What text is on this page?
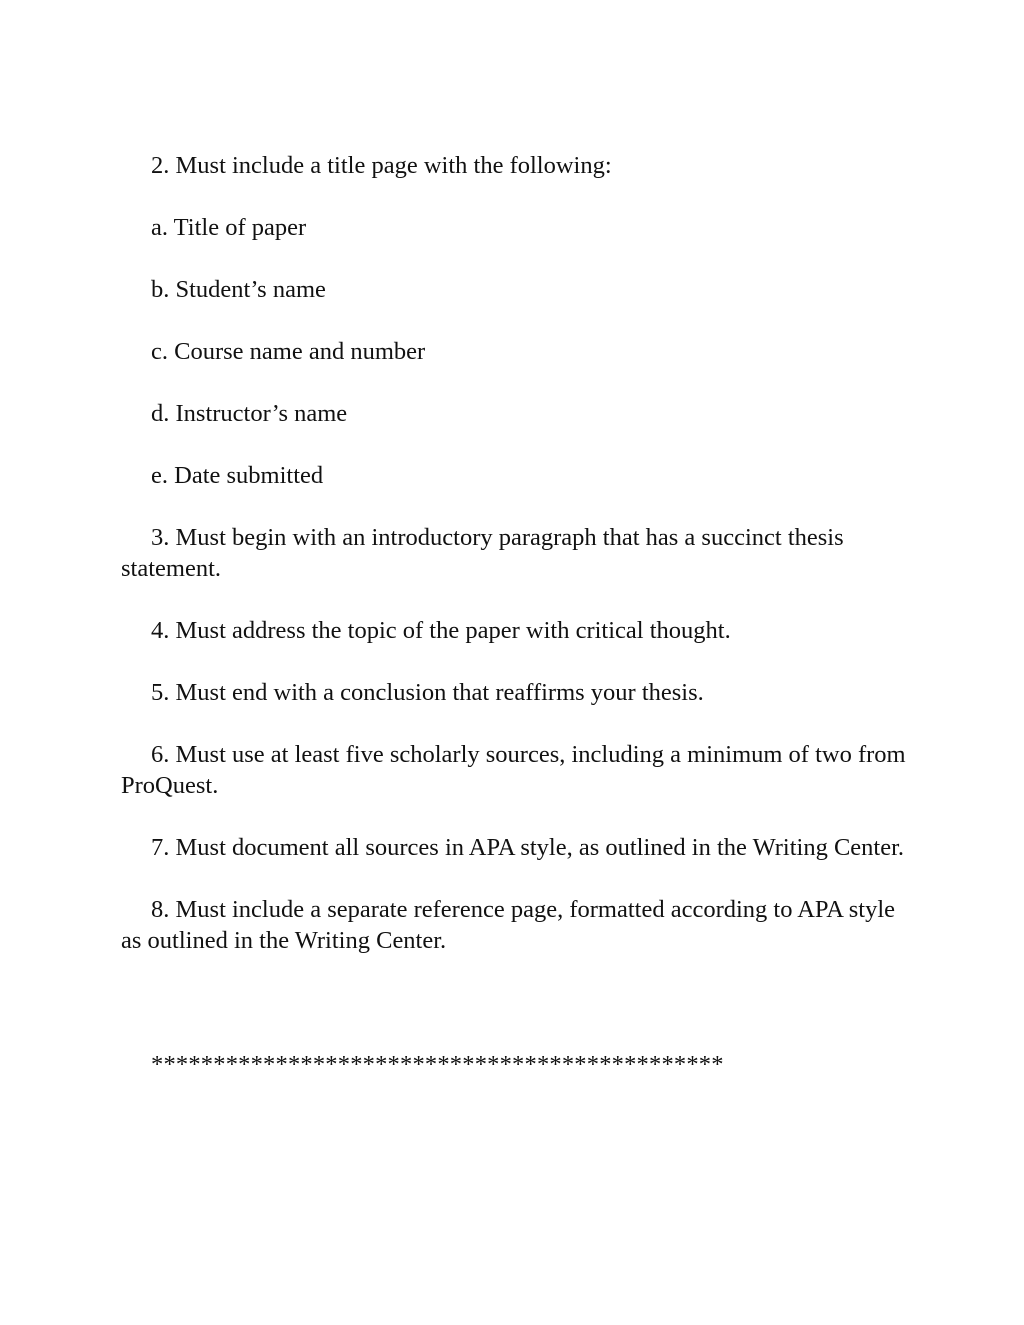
2. Must include a title page with the following:

a. Title of paper

b. Student’s name

c. Course name and number

d. Instructor’s name

e. Date submitted

3. Must begin with an introductory paragraph that has a succinct thesis statement.

4. Must address the topic of the paper with critical thought.

5. Must end with a conclusion that reaffirms your thesis.

6. Must use at least five scholarly sources, including a minimum of two from ProQuest.

7. Must document all sources in APA style, as outlined in the Writing Center.

8. Must include a separate reference page, formatted according to APA style as outlined in the Writing Center.

**********************************************
